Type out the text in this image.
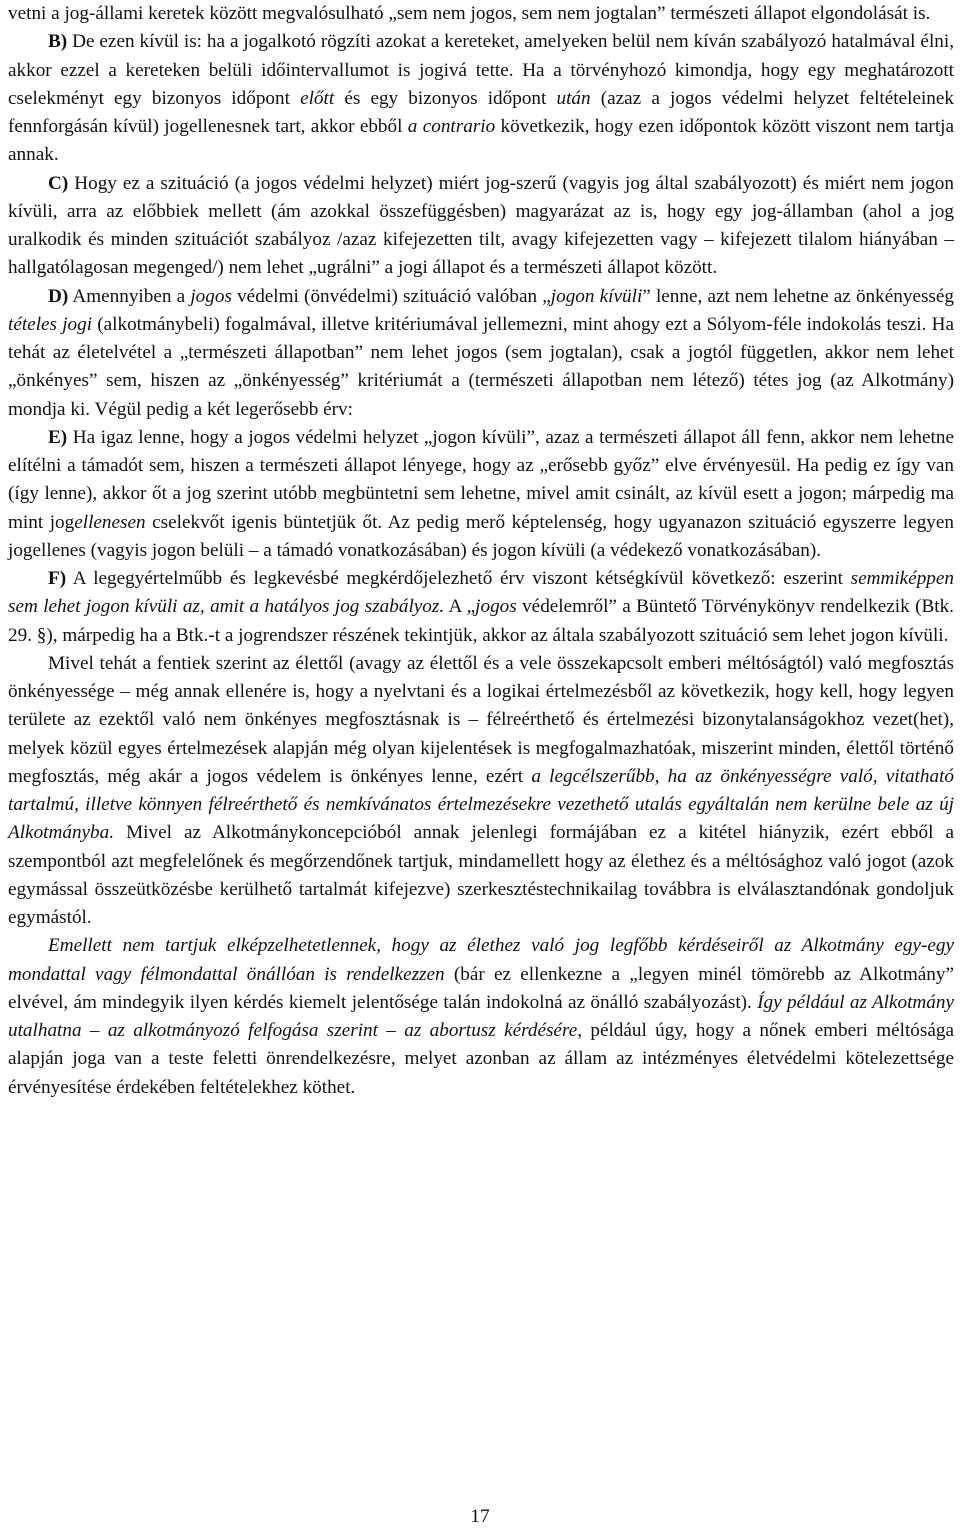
vetni a jog-állami keretek között megvalósulható „sem nem jogos, sem nem jogtalan” természeti állapot elgondolását is.

B) De ezen kívül is: ha a jogalkotó rögzíti azokat a kereteket, amelyeken belül nem kíván szabályozó hatalmával élni, akkor ezzel a kereteken belüli időintervallumot is jogivá tette. Ha a törvényhozó kimondja, hogy egy meghatározott cselekményt egy bizonyos időpont előtt és egy bizonyos időpont után (azaz a jogos védelmi helyzet feltételeinek fennforgásán kívül) jogellenesnek tart, akkor ebből a contrario következik, hogy ezen időpontok között viszont nem tartja annak.

C) Hogy ez a szituáció (a jogos védelmi helyzet) miért jog-szerű (vagyis jog által szabályozott) és miért nem jogon kívüli, arra az előbbiek mellett (ám azokkal összefüggésben) magyarázat az is, hogy egy jog-államban (ahol a jog uralkodik és minden szituációt szabályoz /azaz kifejezetten tilt, avagy kifejezetten vagy – kifejezett tilalom hiányában – hallgatólagosan megenged/) nem lehet „ugrálni” a jogi állapot és a természeti állapot között.

D) Amennyiben a jogos védelmi (önvédelmi) szituáció valóban „jogon kívüli” lenne, azt nem lehetne az önkényesség tételes jogi (alkotmánybeli) fogalmával, illetve kritériumával jellemezni, mint ahogy ezt a Sólyom-féle indokolás teszi. Ha tehát az életelvétel a „természeti állapotban” nem lehet jogos (sem jogtalan), csak a jogtól független, akkor nem lehet „önkényes” sem, hiszen az „önkényesség” kritériumát a (természeti állapotban nem létező) tétes jog (az Alkotmány) mondja ki. Végül pedig a két legerősebb érv:

E) Ha igaz lenne, hogy a jogos védelmi helyzet „jogon kívüli”, azaz a természeti állapot áll fenn, akkor nem lehetne elítélni a támadót sem, hiszen a természeti állapot lényege, hogy az „erősebb győz” elve érvényesül. Ha pedig ez így van (így lenne), akkor őt a jog szerint utóbb megbüntetni sem lehetne, mivel amit csinált, az kívül esett a jogon; márpedig ma mint jogellenesen cselekvőt igenis büntetjük őt. Az pedig merő képtelenség, hogy ugyanazon szituáció egyszerre legyen jogellenes (vagyis jogon belüli – a támadó vonatkozásában) és jogon kívüli (a védekező vonatkozásában).

F) A legegyértelműbb és legkevésbé megkérdőjelezhető érv viszont kétségkívül következő: eszerint semmiképpen sem lehet jogon kívüli az, amit a hatályos jog szabályoz. A „jogos védelemről” a Büntető Törvénykönyv rendelkezik (Btk. 29. §), márpedig ha a Btk.-t a jogrendszer részének tekintjük, akkor az általa szabályozott szituáció sem lehet jogon kívüli.

Mivel tehát a fentiek szerint az élettől (avagy az élettől és a vele összekapcsolt emberi méltóságtól) való megfosztás önkényessége – még annak ellenére is, hogy a nyelvtani és a logikai értelmezésből az következik, hogy kell, hogy legyen területe az ezektől való nem önkényes megfosztásnak is – félreérthető és értelmezési bizonytalanságokhoz vezet(het), melyek közül egyes értelmezések alapján még olyan kijelentések is megfogalmazhatóak, miszerint minden, élettől történő megfosztás, még akár a jogos védelem is önkényes lenne, ezért a legcélszerűbb, ha az önkényességre való, vitatható tartalmú, illetve könnyen félreérthető és nemkívánatos értelmezésekre vezethető utalás egyáltalán nem kerülne bele az új Alkotmányba. Mivel az Alkotmánykoncepcióból annak jelenlegi formájában ez a kitétel hiányzik, ezért ebből a szempontból azt megfelelőnek és megőrzendőnek tartjuk, mindamellett hogy az élethez és a méltósághoz való jogot (azok egymással összeütközésbe kerülhető tartalmát kifejezve) szerkesztéstechnikailag továbbra is elválasztandónak gondoljuk egymástól.

Emellett nem tartjuk elképzelhetetlennek, hogy az élethez való jog legfőbb kérdéseiről az Alkotmány egy-egy mondattal vagy félmondattal önállóan is rendelkezzen (bár ez ellenkezne a „legyen minél tömörebb az Alkotmány” elvével, ám mindegyik ilyen kérdés kiemelt jelentősége talán indokolná az önálló szabályozást). Így például az Alkotmány utalhatna – az alkotmányozó felfogása szerint – az abortusz kérdésére, például úgy, hogy a nőnek emberi méltósága alapján joga van a teste feletti önrendelkezésre, melyet azonban az állam az intézményes életvédelmi kötelezettsége érvényesítése érdekében feltételekhez köthet.

17
